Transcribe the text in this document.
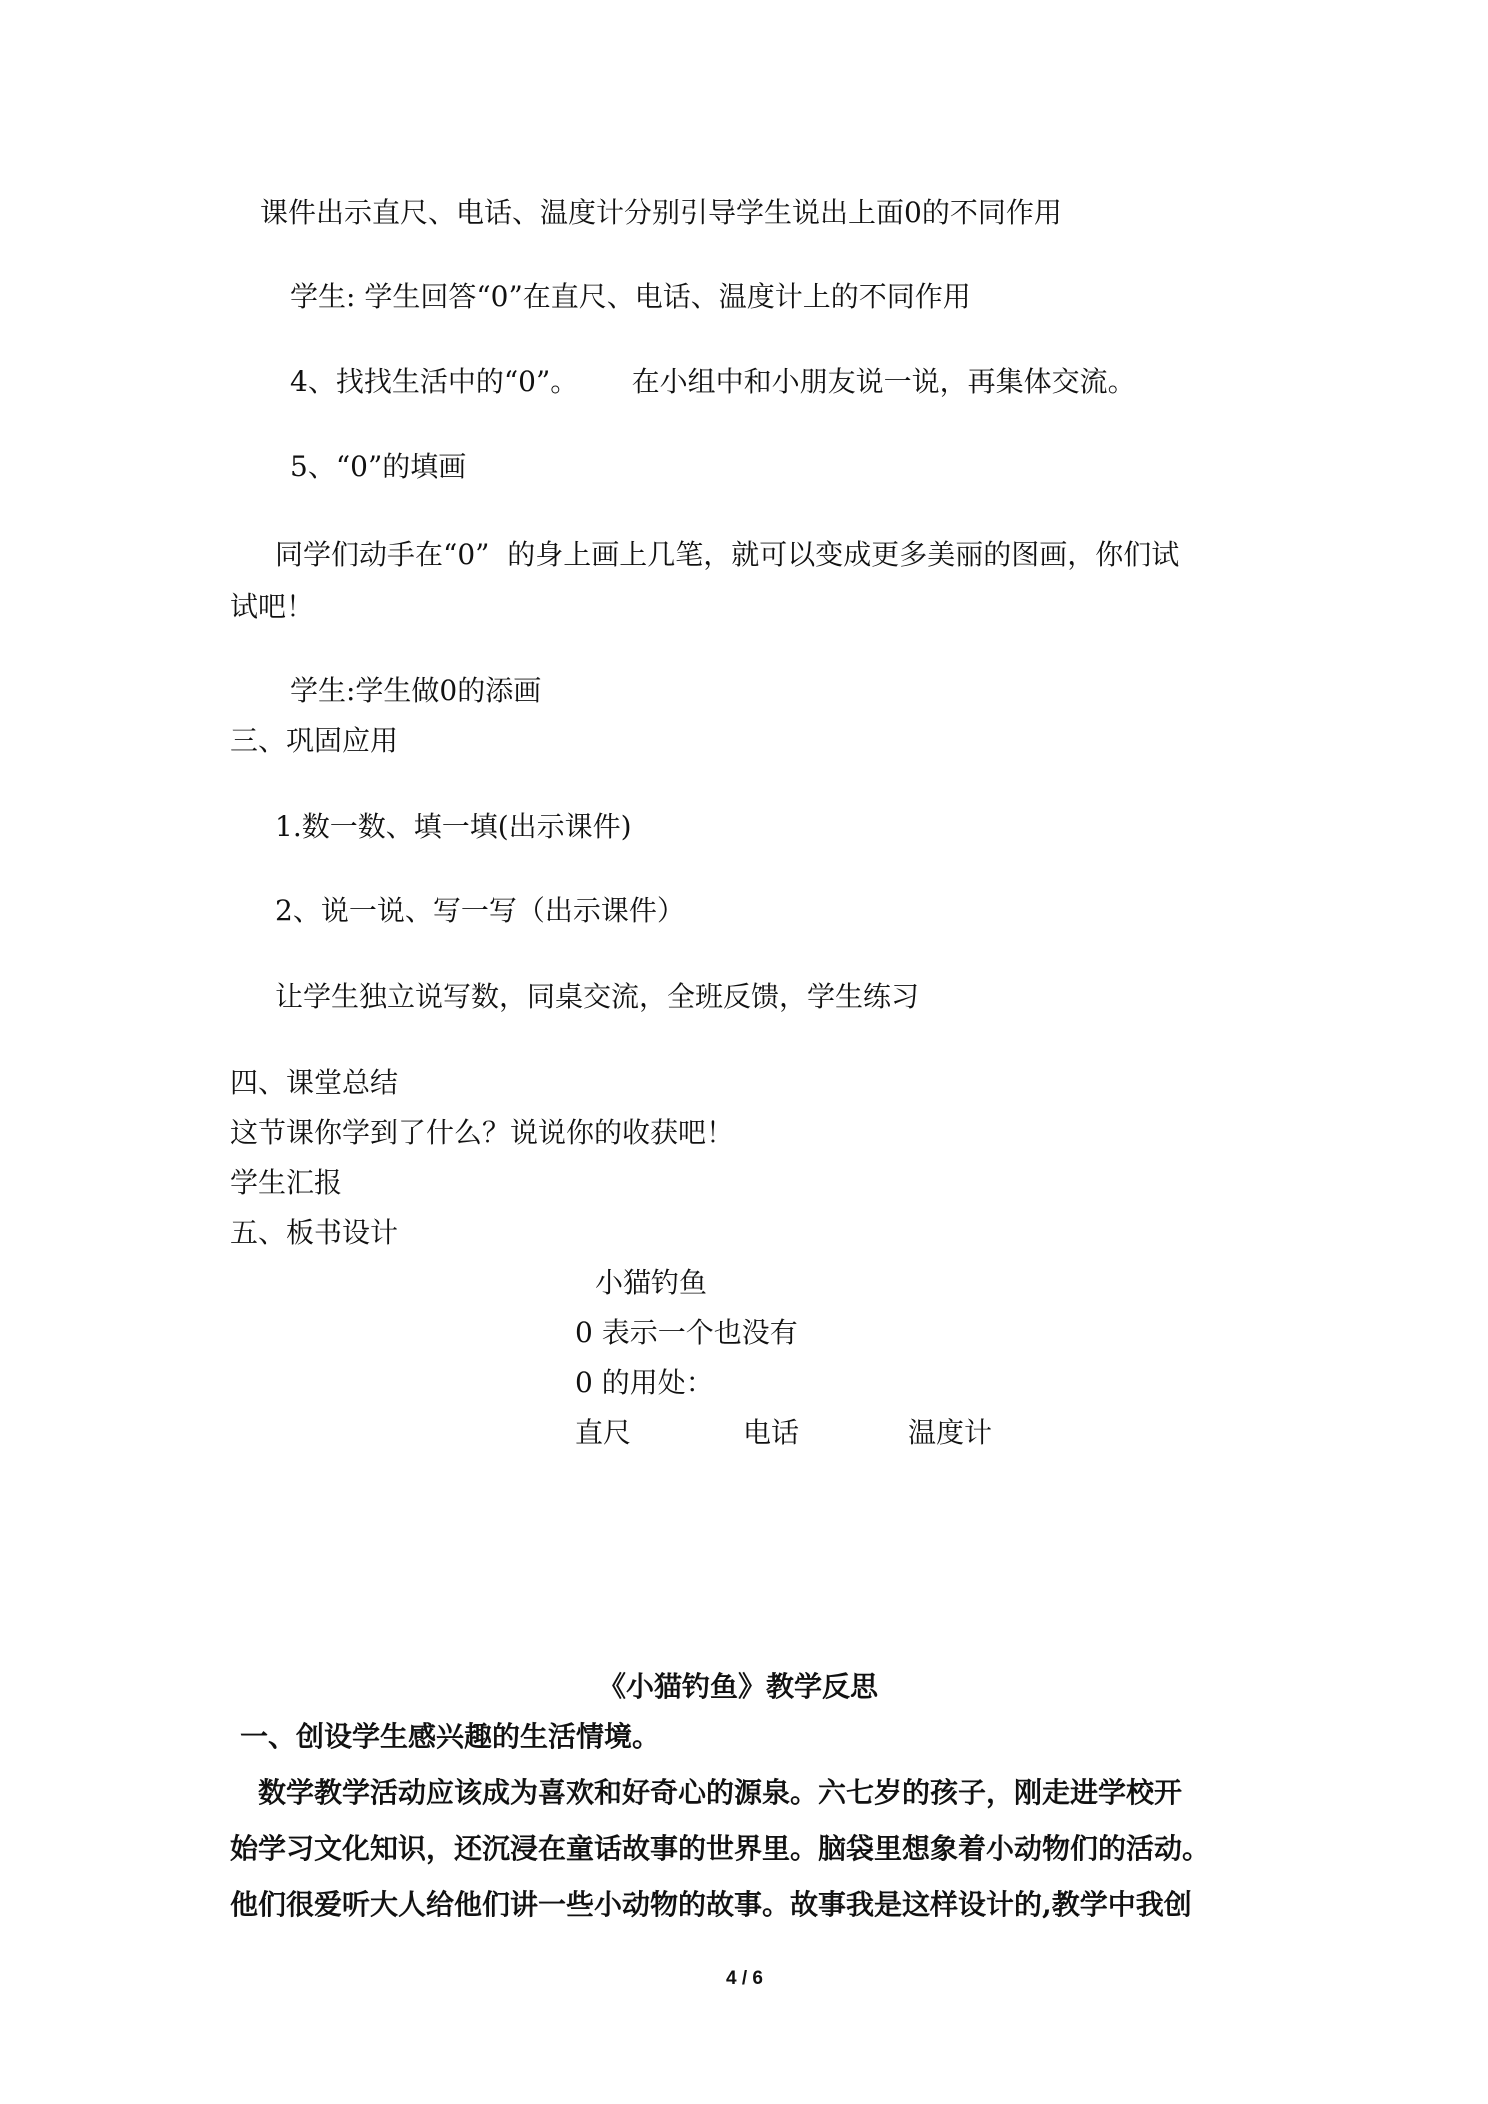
课件出示直尺、电话、温度计分别引导学生说出上面0的不同作用
学生: 学生回答“0”在直尺、电话、温度计上的不同作用
4、找找生活中的“0”。      在小组中和小朋友说一说，再集体交流。
5、“0”的填画
同学们动手在“0”  的身上画上几笔，就可以变成更多美丽的图画，你们试
试吧！
学生:学生做0的添画
三、巩固应用
1.数一数、填一填(出示课件)
2、说一说、写一写（出示课件）
让学生独立说写数，同桌交流，全班反馈，学生练习
四、课堂总结
这节课你学到了什么？说说你的收获吧！
学生汇报
五、板书设计
小猫钓鱼
0 表示一个也没有
0 的用处：
直尺	电话	温度计
《小猫钓鱼》教学反思
一、创设学生感兴趣的生活情境。
数学教学活动应该成为喜欢和好奇心的源泉。六七岁的孩子，刚走进学校开
始学习文化知识，还沉浸在童话故事的世界里。脑袋里想象着小动物们的活动。
他们很爱听大人给他们讲一些小动物的故事。故事我是这样设计的,教学中我创
4 / 6
